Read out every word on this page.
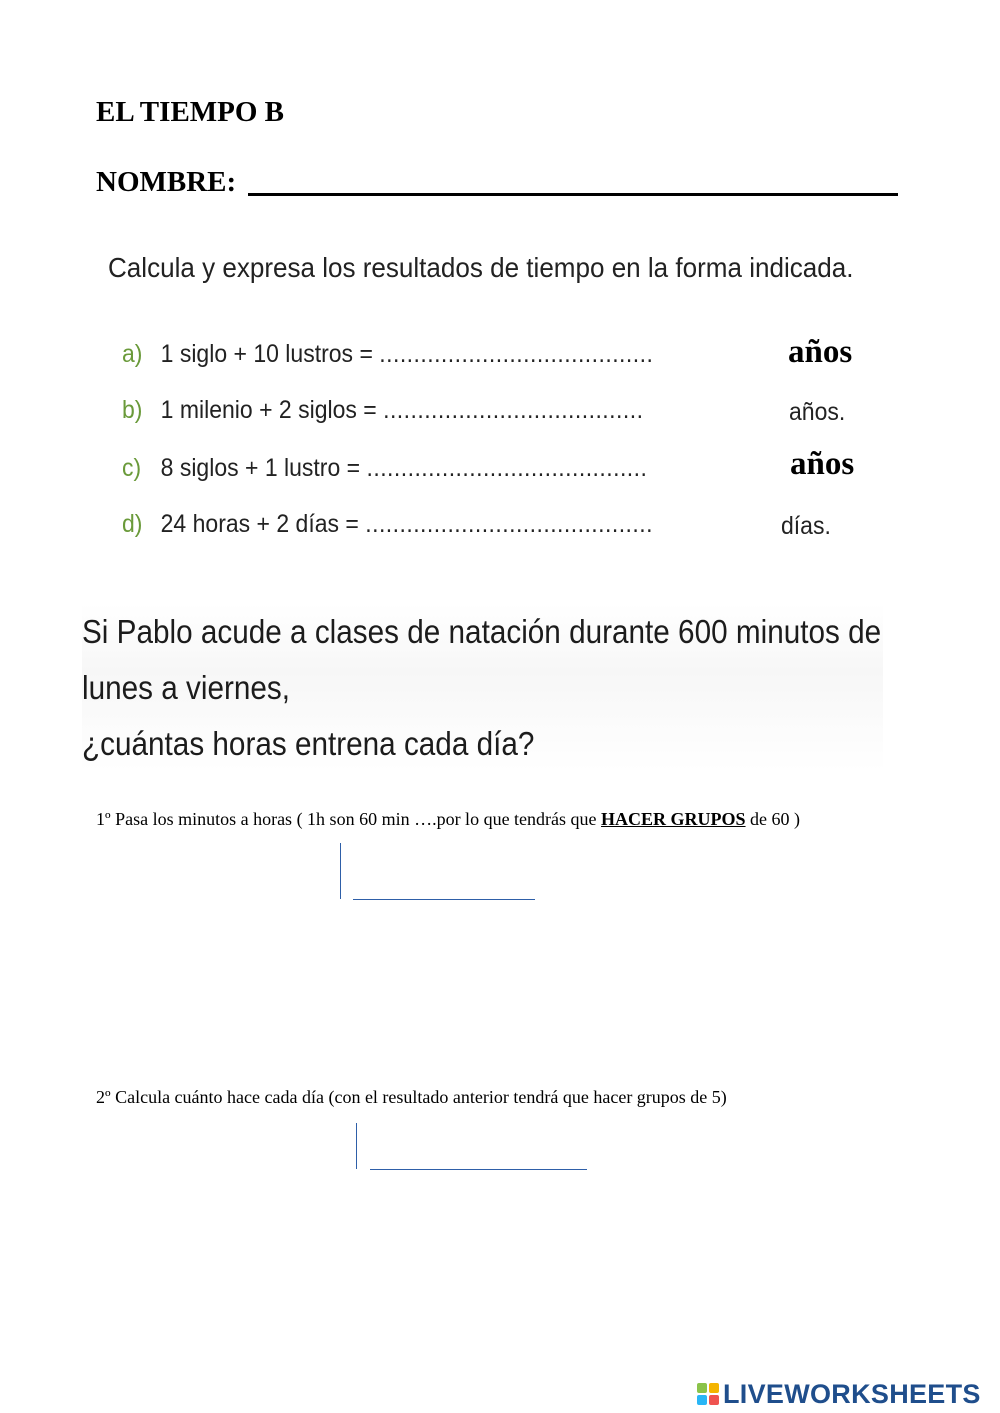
EL TIEMPO B
NOMBRE:
Calcula y expresa los resultados de tiempo en la forma indicada.
a) 1 siglo + 10 lustros = ........................................	años
b) 1 milenio + 2 siglos = ......................................	años.
c) 8 siglos + 1 lustro = .........................................	años
d) 24 horas + 2 días = ..........................................	días.
Si Pablo acude a clases de natación durante 600 minutos de lunes a viernes,
¿cuántas horas entrena cada día?
1º Pasa los minutos a horas ( 1h son 60 min ….por lo que tendrás que HACER GRUPOS de 60 )
2º Calcula cuánto hace cada día (con el resultado anterior tendrá que hacer grupos de 5)
LIVEWORKSHEETS
